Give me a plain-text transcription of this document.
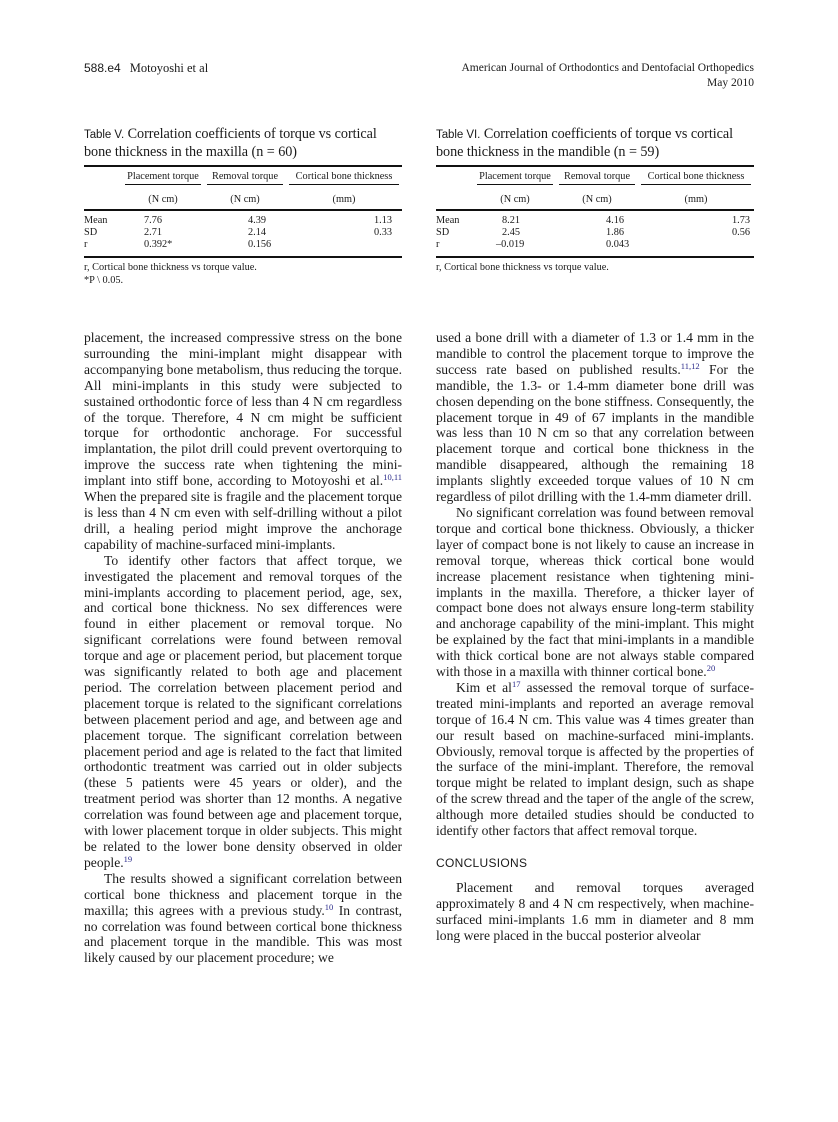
588.e4 Motoyoshi et al	American Journal of Orthodontics and Dentofacial Orthopedics
May 2010
Table V. Correlation coefficients of torque vs cortical bone thickness in the maxilla (n = 60)

	Placement torque	Removal torque	Cortical bone thickness

	(N cm)	(N cm)	(mm)

Mean	7.76	4.39	1.13
SD	2.71	2.14	0.33
r	0.392*	0.156	

r, Cortical bone thickness vs torque value.
*P \ 0.05.
Table VI. Correlation coefficients of torque vs cortical bone thickness in the mandible (n = 59)

	Placement torque	Removal torque	Cortical bone thickness

	(N cm)	(N cm)	(mm)

Mean	8.21	4.16	1.73
SD	2.45	1.86	0.56
r	–0.019	0.043	

r, Cortical bone thickness vs torque value.

placement, the increased compressive stress on the bone surrounding the mini-implant might disappear with accompanying bone metabolism, thus reducing the torque. All mini-implants in this study were subjected to sustained orthodontic force of less than 4 N cm regardless of the torque. Therefore, 4 N cm might be sufficient torque for orthodontic anchorage. For successful implantation, the pilot drill could prevent overtorquing to improve the success rate when tightening the mini-implant into stiff bone, according to Motoyoshi et al.$^{10,11}$ When the prepared site is fragile and the placement torque is less than 4 N cm even with self-drilling without a pilot drill, a healing period might improve the anchorage capability of machine-surfaced mini-implants.

To identify other factors that affect torque, we investigated the placement and removal torques of the mini-implants according to placement period, age, sex, and cortical bone thickness. No sex differences were found in either placement or removal torque. No significant correlations were found between removal torque and age or placement period, but placement torque was significantly related to both age and placement period. The correlation between placement period and placement torque is related to the significant correlations between placement period and age, and between age and placement torque. The significant correlation between placement period and age is related to the fact that limited orthodontic treatment was carried out in older subjects (these 5 patients were 45 years or older), and the treatment period was shorter than 12 months. A negative correlation was found between age and placement torque, with lower placement torque in older subjects. This might be related to the lower bone density observed in older people.$^{19}$

The results showed a significant correlation between cortical bone thickness and placement torque in the maxilla; this agrees with a previous study.$^{10}$ In contrast, no correlation was found between cortical bone thickness and placement torque in the mandible. This was most likely caused by our placement procedure; we

used a bone drill with a diameter of 1.3 or 1.4 mm in the mandible to control the placement torque to improve the success rate based on published results.$^{11,12}$ For the mandible, the 1.3- or 1.4-mm diameter bone drill was chosen depending on the bone stiffness. Consequently, the placement torque in 49 of 67 implants in the mandible was less than 10 N cm so that any correlation between placement torque and cortical bone thickness in the mandible disappeared, although the remaining 18 implants slightly exceeded torque values of 10 N cm regardless of pilot drilling with the 1.4-mm diameter drill.

No significant correlation was found between removal torque and cortical bone thickness. Obviously, a thicker layer of compact bone is not likely to cause an increase in removal torque, whereas thick cortical bone would increase placement resistance when tightening mini-implants in the maxilla. Therefore, a thicker layer of compact bone does not always ensure long-term stability and anchorage capability of the mini-implant. This might be explained by the fact that mini-implants in a mandible with thick cortical bone are not always stable compared with those in a maxilla with thinner cortical bone.$^{20}$

Kim et al$^{17}$ assessed the removal torque of surface-treated mini-implants and reported an average removal torque of 16.4 N cm. This value was 4 times greater than our result based on machine-surfaced mini-implants. Obviously, removal torque is affected by the properties of the surface of the mini-implant. Therefore, the removal torque might be related to implant design, such as shape of the screw thread and the taper of the angle of the screw, although more detailed studies should be conducted to identify other factors that affect removal torque.

CONCLUSIONS

Placement and removal torques averaged approximately 8 and 4 N cm respectively, when machine-surfaced mini-implants 1.6 mm in diameter and 8 mm long were placed in the buccal posterior alveolar
